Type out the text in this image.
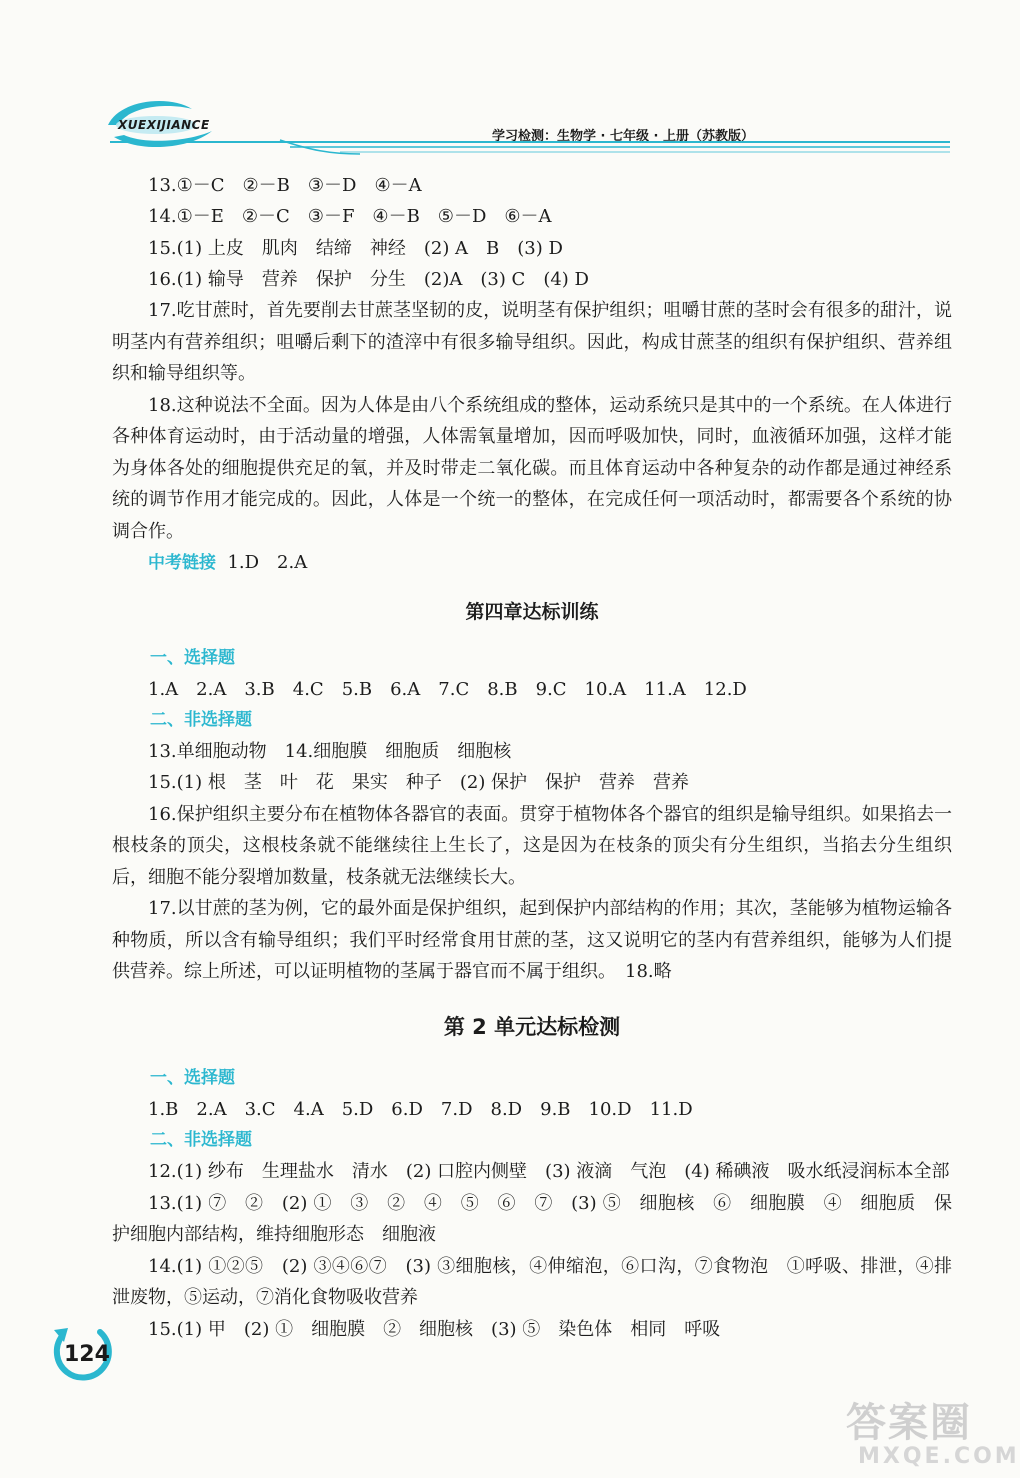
XUEXIJIANCE
学习检测：生物学 · 七年级 · 上册（苏教版）
13.①－C　②－B　③－D　④－A
14.①－E　②－C　③－F　④－B　⑤－D　⑥－A
15.(1) 上皮　肌肉　结缔　神经　(2) A　B　(3) D
16.(1) 输导　营养　保护　分生　(2)A　(3) C　(4) D

17.吃甘蔗时，首先要削去甘蔗茎坚韧的皮，说明茎有保护组织；咀嚼甘蔗的茎时会有很多的甜汁，说明茎内有营养组织；咀嚼后剩下的渣滓中有很多输导组织。因此，构成甘蔗茎的组织有保护组织、营养组织和输导组织等。

18.这种说法不全面。因为人体是由八个系统组成的整体，运动系统只是其中的一个系统。在人体进行各种体育运动时，由于活动量的增强，人体需氧量增加，因而呼吸加快，同时，血液循环加强，这样才能为身体各处的细胞提供充足的氧，并及时带走二氧化碳。而且体育运动中各种复杂的动作都是通过神经系统的调节作用才能完成的。因此，人体是一个统一的整体，在完成任何一项活动时，都需要各个系统的协调合作。

中考链接 1.D　2.A
第四章达标训练
一、选择题
1.A　2.A　3.B　4.C　5.B　6.A　7.C　8.B　9.C　10.A　11.A　12.D
二、非选择题
13.单细胞动物　14.细胞膜　细胞质　细胞核
15.(1) 根　茎　叶　花　果实　种子　(2) 保护　保护　营养　营养

16.保护组织主要分布在植物体各器官的表面。贯穿于植物体各个器官的组织是输导组织。如果掐去一根枝条的顶尖，这根枝条就不能继续往上生长了，这是因为在枝条的顶尖有分生组织，当掐去分生组织后，细胞不能分裂增加数量，枝条就无法继续长大。

17.以甘蔗的茎为例，它的最外面是保护组织，起到保护内部结构的作用；其次，茎能够为植物运输各种物质，所以含有输导组织；我们平时经常食用甘蔗的茎，这又说明它的茎内有营养组织，能够为人们提供营养。综上所述，可以证明植物的茎属于器官而不属于组织。　18.略

第 2 单元达标检测
一、选择题
1.B　2.A　3.C　4.A　5.D　6.D　7.D　8.D　9.B　10.D　11.D
二、非选择题

12.(1) 纱布　生理盐水　清水　(2) 口腔内侧壁　(3) 液滴　气泡　(4) 稀碘液　吸水纸浸润标本全部

13.(1) ⑦　②　(2) ①　③　②　④　⑤　⑥　⑦　(3) ⑤　细胞核　⑥　细胞膜　④　细胞质　保护细胞内部结构，维持细胞形态　细胞液

14.(1) ①②⑤　(2) ③④⑥⑦　(3) ③细胞核，④伸缩泡，⑥口沟，⑦食物泡　①呼吸、排泄，④排泄废物，⑤运动，⑦消化食物吸收营养

15.(1) 甲　(2) ①　细胞膜　②　细胞核　(3) ⑤　染色体　相同　呼吸
124
答案圈
MXQE.COM
